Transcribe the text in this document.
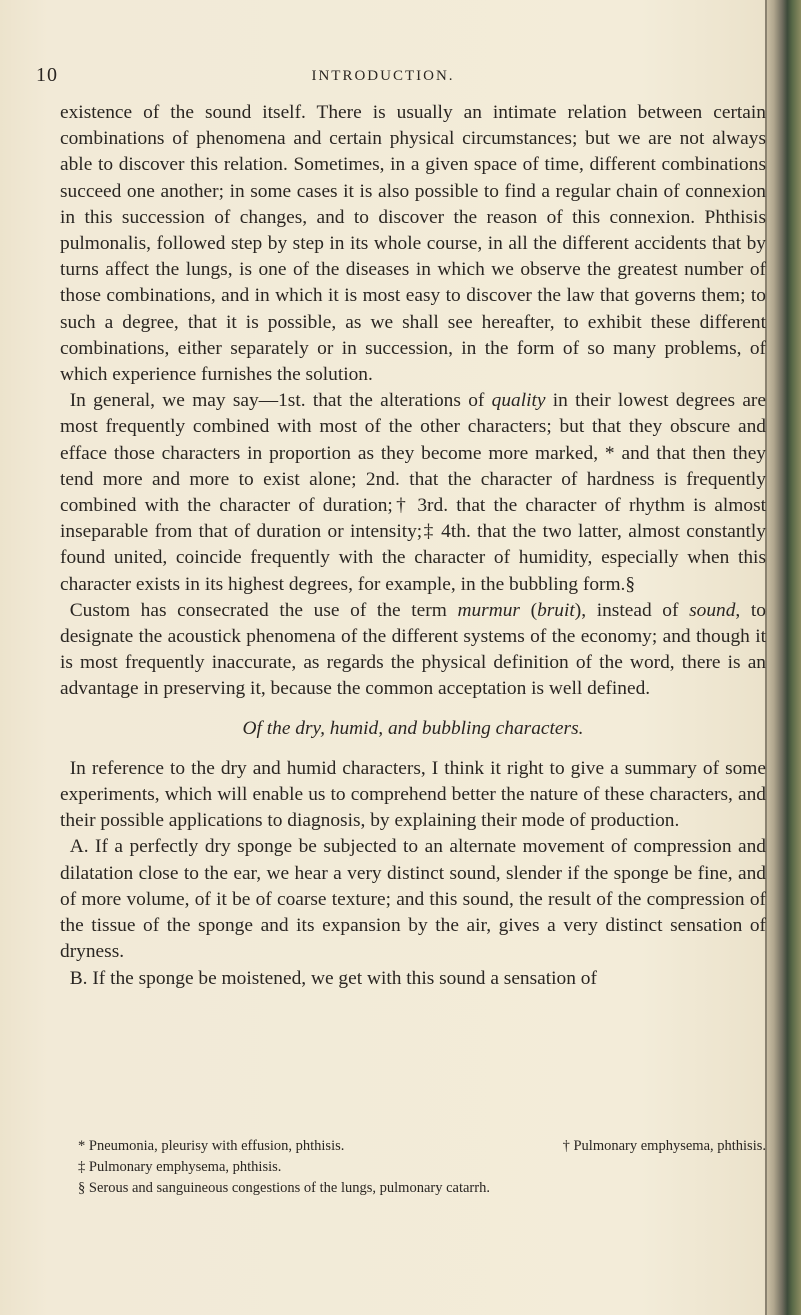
10	INTRODUCTION.

existence of the sound itself. There is usually an intimate relation between certain combinations of phenomena and certain physical circumstances; but we are not always able to discover this relation. Sometimes, in a given space of time, different combinations succeed one another; in some cases it is also possible to find a regular chain of connexion in this succession of changes, and to discover the reason of this connexion. Phthisis pulmonalis, followed step by step in its whole course, in all the different accidents that by turns affect the lungs, is one of the diseases in which we observe the greatest number of those combinations, and in which it is most easy to discover the law that governs them; to such a degree, that it is possible, as we shall see hereafter, to exhibit these different combinations, either separately or in succession, in the form of so many problems, of which experience furnishes the solution.

 In general, we may say—1st. that the alterations of quality in their lowest degrees are most frequently combined with most of the other characters; but that they obscure and efface those characters in proportion as they become more marked, * and that then they tend more and more to exist alone; 2nd. that the character of hardness is frequently combined with the character of duration;† 3rd. that the character of rhythm is almost inseparable from that of duration or intensity;‡ 4th. that the two latter, almost constantly found united, coincide frequently with the character of humidity, especially when this character exists in its highest degrees, for example, in the bubbling form.§

 Custom has consecrated the use of the term murmur (bruit), instead of sound, to designate the acoustick phenomena of the different systems of the economy; and though it is most frequently inaccurate, as regards the physical definition of the word, there is an advantage in preserving it, because the common acceptation is well defined.

Of the dry, humid, and bubbling characters.

 In reference to the dry and humid characters, I think it right to give a summary of some experiments, which will enable us to comprehend better the nature of these characters, and their possible applications to diagnosis, by explaining their mode of production.

 A. If a perfectly dry sponge be subjected to an alternate movement of compression and dilatation close to the ear, we hear a very distinct sound, slender if the sponge be fine, and of more volume, of it be of coarse texture; and this sound, the result of the compression of the tissue of the sponge and its expansion by the air, gives a very distinct sensation of dryness.

 B. If the sponge be moistened, we get with this sound a sensation of

* Pneumonia, pleurisy with effusion, phthisis.	† Pulmonary emphysema, phthisis.
‡ Pulmonary emphysema, phthisis.
§ Serous and sanguineous congestions of the lungs, pulmonary catarrh.
